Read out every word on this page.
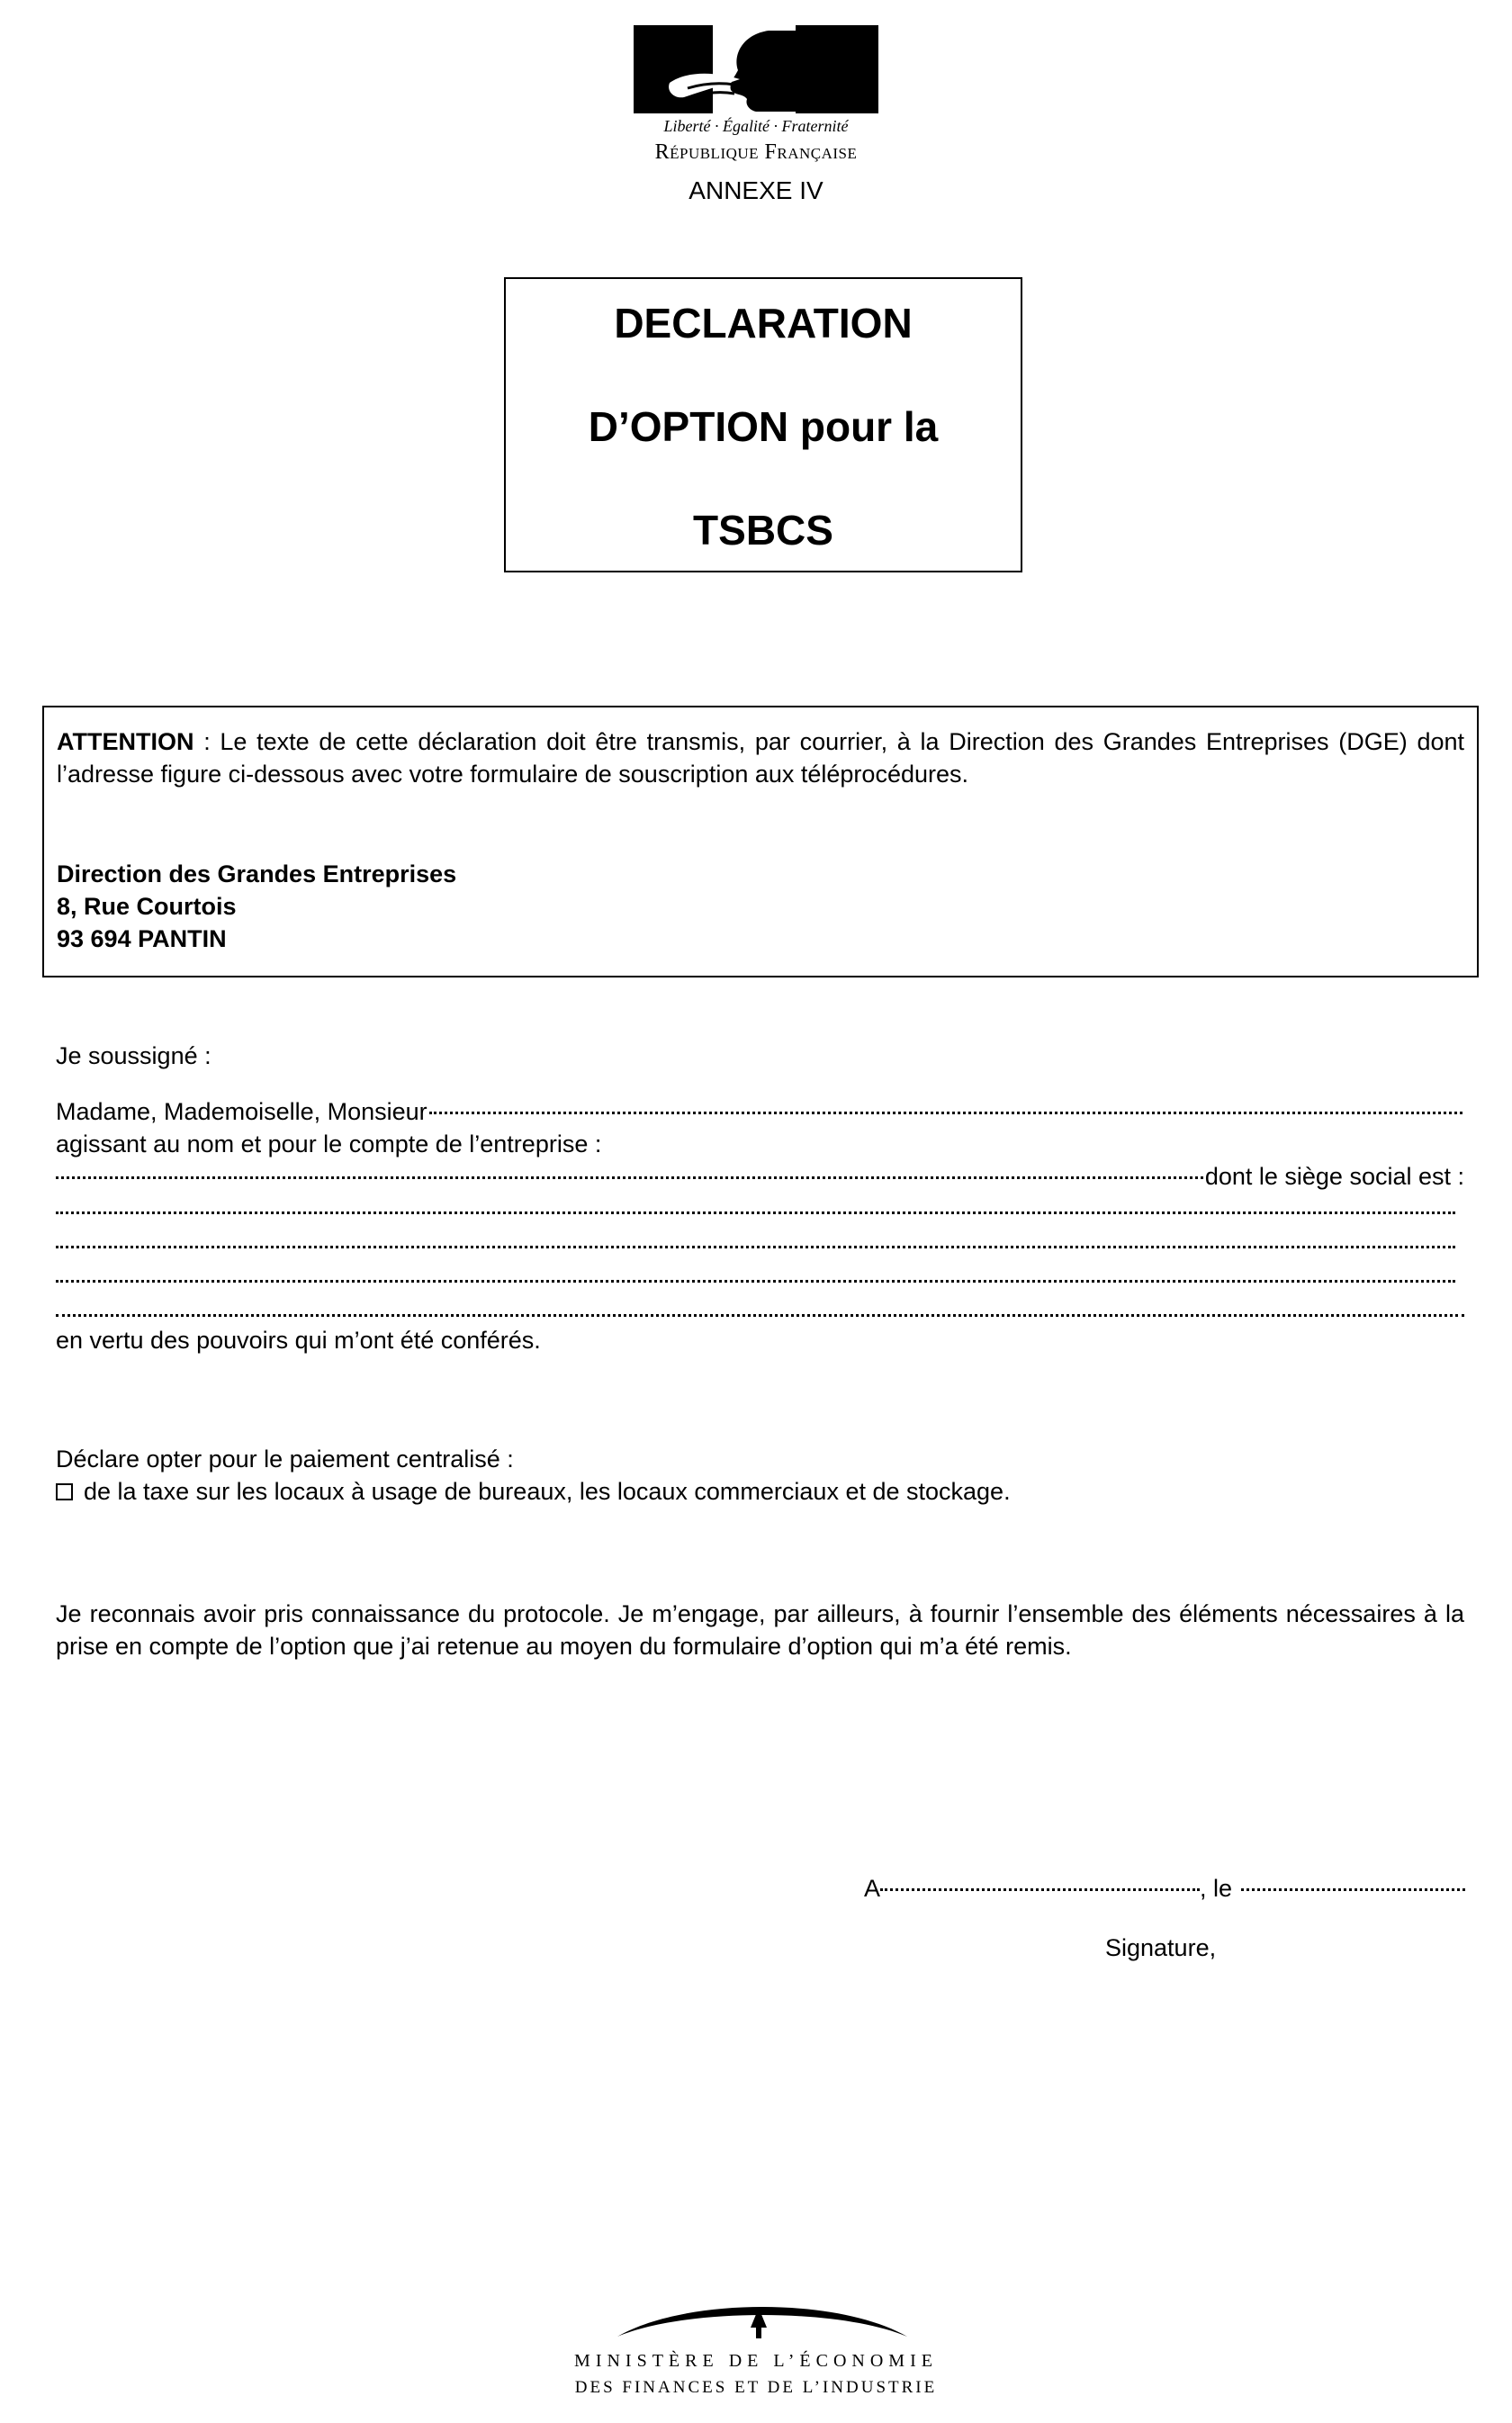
?
Liberté · Égalité · Fraternité
République Française
ANNEXE IV
DECLARATION
D’OPTION pour la
TSBCS
ATTENTION : Le texte de cette déclaration doit être transmis, par courrier, à la Direction des Grandes Entreprises (DGE) dont l’adresse figure ci-dessous avec votre formulaire de souscription aux téléprocédures.
Direction des Grandes Entreprises
8, Rue Courtois
93 694 PANTIN
Je soussigné :
Madame, Mademoiselle, Monsieur
agissant au nom et pour le compte de l’entreprise :
dont le siège social est :
en vertu des pouvoirs qui m’ont été conférés.
Déclare opter pour le paiement centralisé :
de la taxe sur les locaux à usage de bureaux, les locaux commerciaux et de stockage.
Je reconnais avoir pris connaissance du protocole. Je m’engage, par ailleurs, à fournir l’ensemble des éléments nécessaires à la prise en compte de l’option que j’ai retenue au moyen du formulaire d’option qui m’a été remis.
A	, le
Signature,
MINISTÈRE DE L’ÉCONOMIE
DES FINANCES ET DE L’INDUSTRIE
